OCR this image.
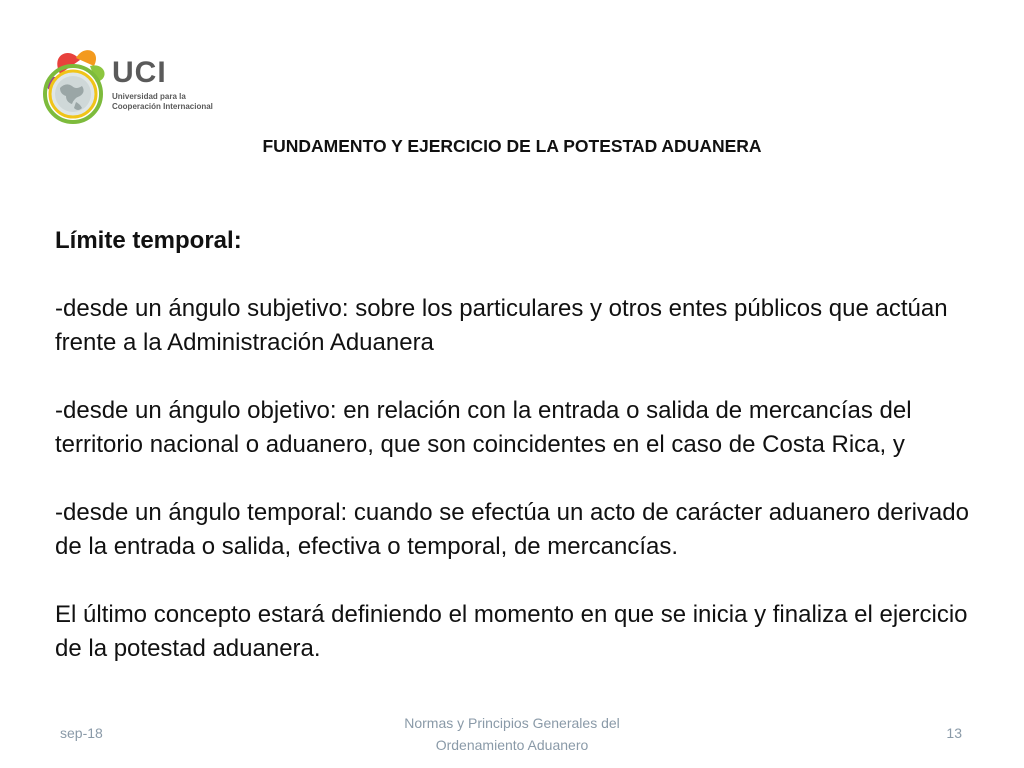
UCI
Universidad para la
Cooperación Internacional
FUNDAMENTO Y EJERCICIO DE LA POTESTAD ADUANERA

Límite temporal:

-desde un ángulo subjetivo: sobre los particulares y otros entes públicos que actúan frente a la Administración Aduanera

-desde un ángulo objetivo: en relación con la entrada o salida de mercancías del territorio nacional o aduanero, que son coincidentes en el caso de Costa Rica, y

-desde un ángulo temporal: cuando se efectúa un acto de carácter aduanero derivado de la entrada o salida, efectiva o temporal, de mercancías.

El último concepto estará definiendo el momento en que se inicia y finaliza el ejercicio de la potestad aduanera.

sep-18
Normas y Principios Generales del
Ordenamiento Aduanero
13
